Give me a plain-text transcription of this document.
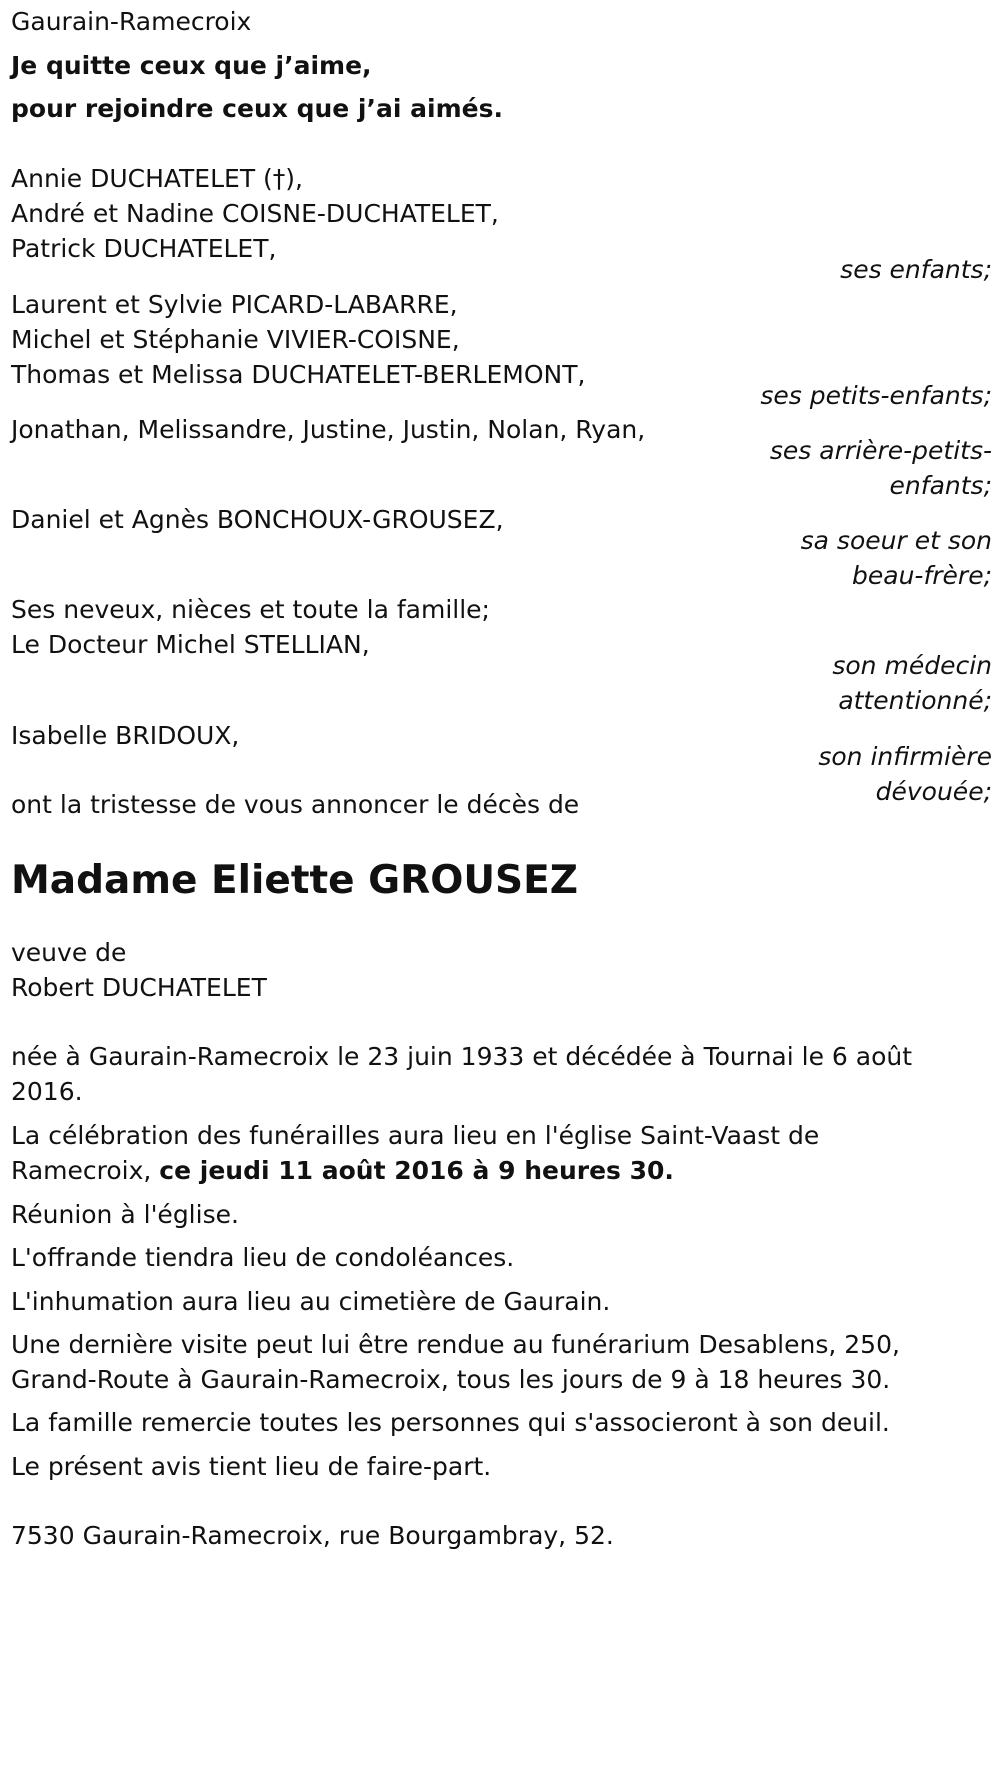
Gaurain-Ramecroix
Je quitte ceux que j’aime,
pour rejoindre ceux que j’ai aimés.
Annie DUCHATELET (†),
André et Nadine COISNE-DUCHATELET,
Patrick DUCHATELET,
ses enfants;
Laurent et Sylvie PICARD-LABARRE,
Michel et Stéphanie VIVIER-COISNE,
Thomas et Melissa DUCHATELET-BERLEMONT,
ses petits-enfants;
Jonathan, Melissandre, Justine, Justin, Nolan, Ryan,
ses arrière-petits-
enfants;
Daniel et Agnès BONCHOUX-GROUSEZ,
sa soeur et son
beau-frère;
Ses neveux, nièces et toute la famille;
Le Docteur Michel STELLIAN,
son médecin
attentionné;
Isabelle BRIDOUX,
son infirmière
dévouée;
ont la tristesse de vous annoncer le décès de
Madame Eliette GROUSEZ
veuve de
Robert DUCHATELET
née à Gaurain-Ramecroix le 23 juin 1933 et décédée à Tournai le 6 août
2016.
La célébration des funérailles aura lieu en l'église Saint-Vaast de
Ramecroix, ce jeudi 11 août 2016 à 9 heures 30.
Réunion à l'église.
L'offrande tiendra lieu de condoléances.
L'inhumation aura lieu au cimetière de Gaurain.
Une dernière visite peut lui être rendue au funérarium Desablens, 250,
Grand-Route à Gaurain-Ramecroix, tous les jours de 9 à 18 heures 30.
La famille remercie toutes les personnes qui s'associeront à son deuil.
Le présent avis tient lieu de faire-part.
7530 Gaurain-Ramecroix, rue Bourgambray, 52.
